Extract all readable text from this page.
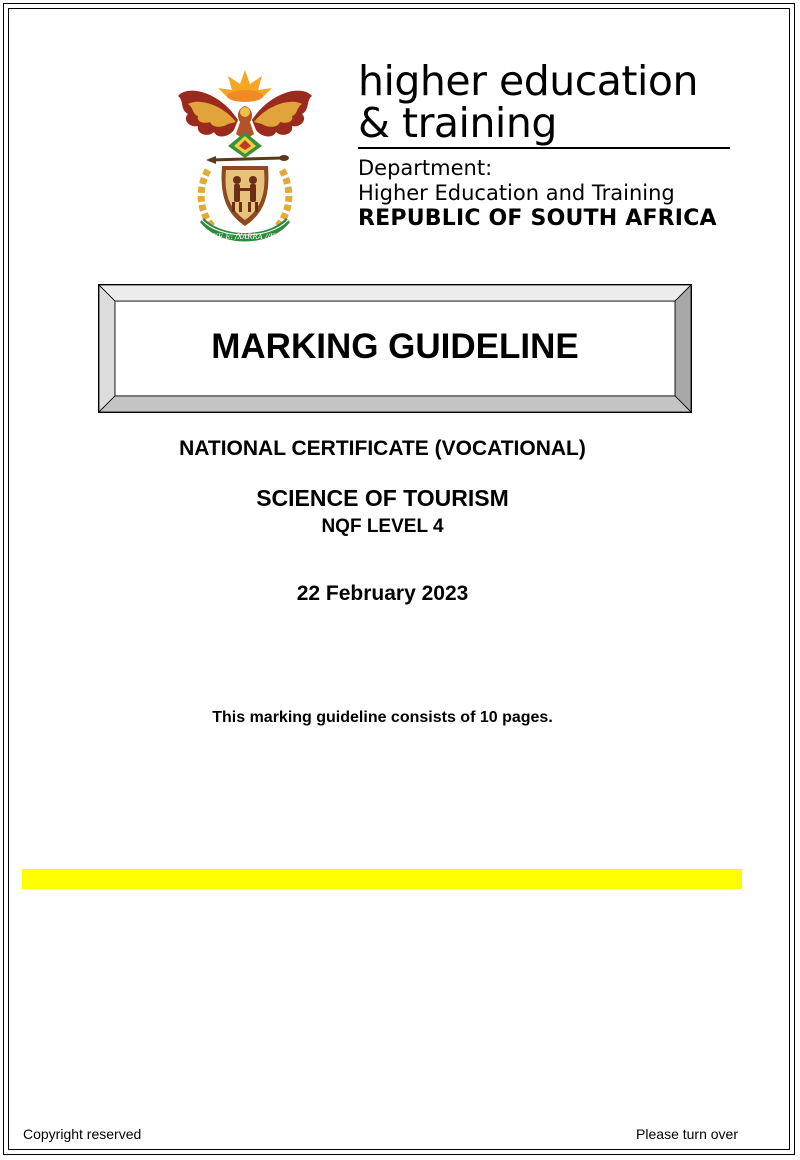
!KE E: /XARRA //KE
higher education
& training
Department:
Higher Education and Training
REPUBLIC OF SOUTH AFRICA
MARKING GUIDELINE
NATIONAL CERTIFICATE (VOCATIONAL)
SCIENCE OF TOURISM
NQF LEVEL 4
22 February 2023
This marking guideline consists of 10 pages.
Copyright reserved	Please turn over
